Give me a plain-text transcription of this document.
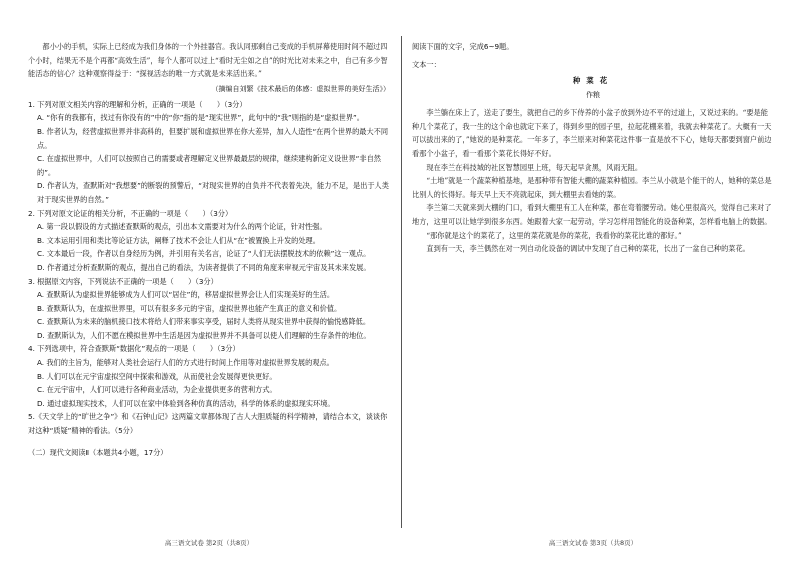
都小小的手机，实际上已经成为我们身体的一个外挂器官。我认同那剩自己变成的手机屏幕使用时间不超过四个小时，结果无不是个再都“高效生活”，每个人都可以过上“看时无尘如之自”的时光比对未来之中，自己有多少智能活态的信心？这种观察得益于：“探视活态的唯一方式就是未来活出来。”

（摘编自刘繁《技术最后的体感：虚拟世界的美好生活》）

1. 下列对原文相关内容的理解和分析，正确的一项是（　　）（3分）

A. “你有的我都有，找过有你没有的”中的“你”指的是“现实世界”，此句中的“我”则指的是“虚拟世界”。

B. 作者认为，经营虚拟世界并非高科的，但要扩展和虚拟世界在你大差异，加入人造性“在两个世界的最大不同点。

C. 在虚拟世界中，人们可以按照自己的需要或者理解定义世界最最层的规律，继续建构新定义设世界“非自然的”。

D. 作者认为，查默斯对“我想要”的断裂的预警后，“对现实世界的自负并不代表着先决，能力不足，是出于人类对于现实世界的自然。”

2. 下列对原文论证的相关分析，不正确的一项是（　　）（3分）

A. 第一段以假设的方式描述查默斯的观点，引出本文需要对为什么的两个论证，针对性强。

B. 文本运用引用和类比等论证方法，阐释了技术不会让人们从“在”被置换上升发的处理。

C. 文本最后一段，作者以自身经历为例，并引用有关名言，论证了“人们无法摆脱技术的依赖”这一观点。

D. 作者通过分析查默斯的观点，提出自己的看法，为读者提供了不同的角度来审视元宇宙及其未来发展。

3. 根据原文内容，下列说法不正确的一项是（　　）（3分）

A. 查默斯认为虚拟世界能够成为人们可以“居住”的，移居虚拟世界会让人们实现美好的生活。

B. 查默斯认为，在虚拟世界里，可以有很多多元的宇宙，虚拟世界也能产生真正的意义和价值。

C. 查默斯认为未来的脑机接口技术将给人们带来事实享受，届时人类将从现实世界中获得的愉悦感降低。

D. 查默斯认为，人们不愿在模拟世界中生活是因为虚拟世界并不具备可以使人们理解的生存条件的地位。

4. 下列选项中，符合查默斯“数据化”观点的一项是（　　）（3分）

A. 我们的主旨为，能够对人类社会运行人们的方式进行时间上作用等对虚拟世界发展的观点。

B. 人们可以在元宇宙虚拟空间中探索和游戏，从而使社会发展得更快更好。

C. 在元宇宙中，人们可以进行各种商业活动，为企业提供更多的营利方式。

D. 通过虚拟现实技术，人们可以在家中体验到各种仿真的活动，科学的体系的虚拟现实环境。

5.《天文学上的“旷世之争”》和《石钟山记》这两篇文章都体现了古人大胆质疑的科学精神，请结合本文，谈谈你对这种“质疑”精神的看法。（5分）

（二）现代文阅读Ⅱ（本题共4小题，17分）

阅读下面的文字，完成6~9题。

文本一：

种菜花

作粮

李兰躺在床上了，送走了要生，就把自己的乡下侍养的小盆子放到外边不平的过道上，又说过来的。“要是能种几个菜花了，我一生的这个命也就定下来了，得到乡里的园子里，拉起花棚来着，我就去种菜花了。大概有一天可以拔出来的了，”她说的是种菜花。一年多了，李兰原来对种菜花这件事一直是放不下心，她每天都要到窗户前边看那个小盆子，看一看那个菜花长得好不好。

现在李兰在科技城的社区智慧园里上班，每天起早贪黑，风雨无阻。

“土地”就是一个蔬菜种植基地，是那种带有智能大棚的蔬菜种植园。李兰从小就是个能干的人，她种的菜总是比别人的长得好。每天早上天不亮就起床，到大棚里去看她的菜。

李兰第二天就来到大棚的门口，看到大棚里有工人在种菜，都在弯着腰劳动。她心里很高兴，觉得自己来对了地方，这里可以让她学到很多东西。她跟着大家一起劳动，学习怎样用智能化的设备种菜，怎样看电脑上的数据。

“那你就是这个的菜花了，这里的菜花就是你的菜花，我看你的菜花比谁的都好。”

直到有一天，李兰偶然在对一列自动化设备的调试中发现了自己种的菜花，长出了一盆自己种的菜花。

高三语文试卷 第2页（共8页）	高三语文试卷 第3页（共8页）
